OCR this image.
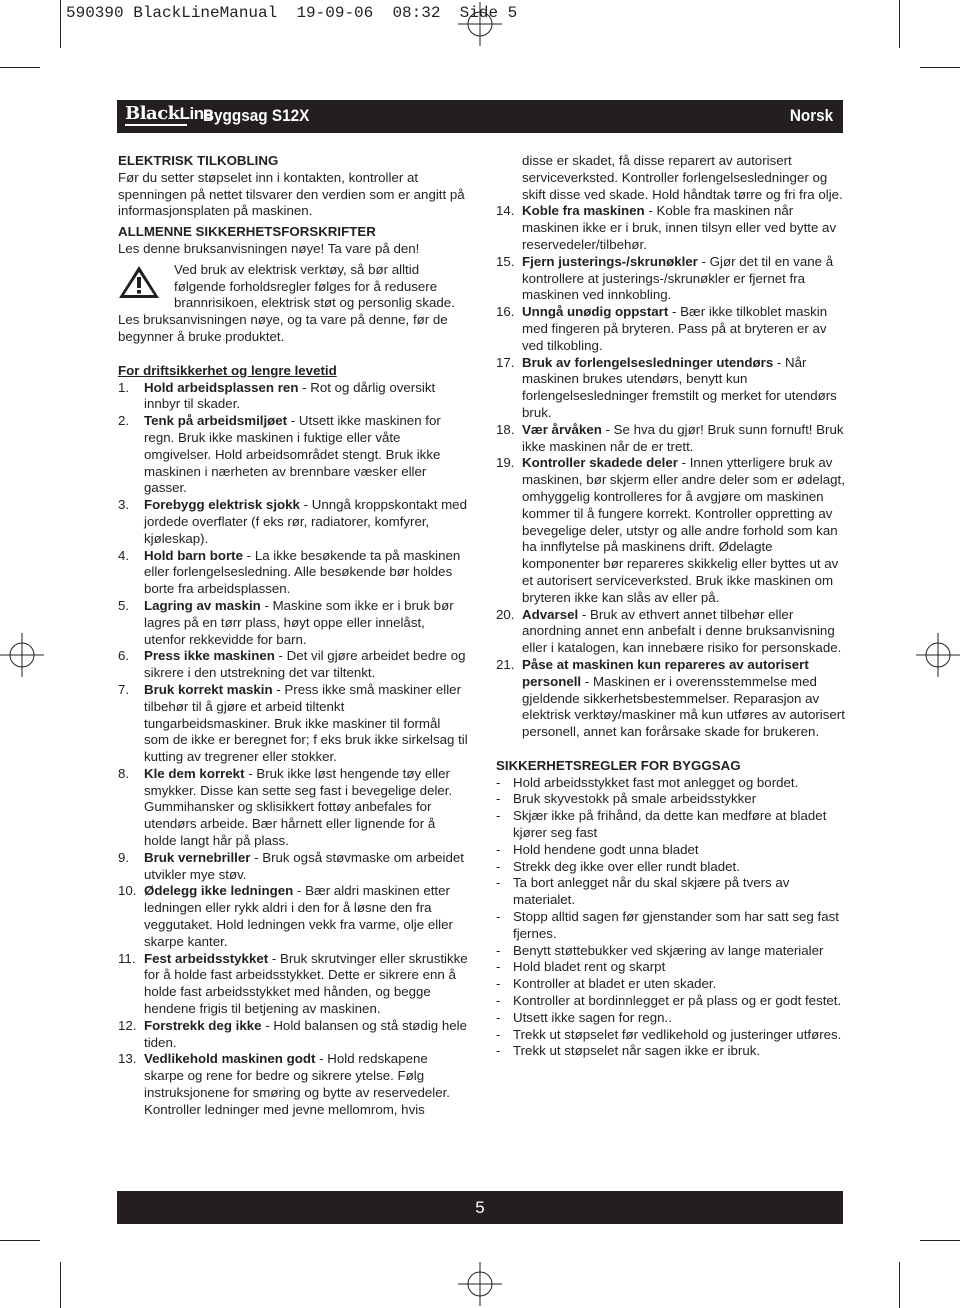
590390 BlackLineManual  19-09-06  08:32  Side 5
BlackLine
Byggsag S12X	Norsk

ELEKTRISK TILKOBLING

Før du setter støpselet inn i kontakten, kontroller at spenningen på nettet tilsvarer den verdien som er angitt på informasjonsplaten på maskinen.

ALLMENNE SIKKERHETSFORSKRIFTER

Les denne bruksanvisningen nøye! Ta vare på den!

Ved bruk av elektrisk verktøy, så bør alltid følgende forholdsregler følges for å redusere brannrisikoen, elektrisk støt og personlig skade.

Les bruksanvisningen nøye, og ta vare på denne, før de begynner å bruke produktet.

For driftsikkerhet og lengre levetid

1. Hold arbeidsplassen ren - Rot og dårlig oversikt innbyr til skader.
2. Tenk på arbeidsmiljøet - Utsett ikke maskinen for regn. Bruk ikke maskinen i fuktige eller våte omgivelser. Hold arbeidsområdet stengt. Bruk ikke maskinen i nærheten av brennbare væsker eller gasser.
3. Forebygg elektrisk sjokk - Unngå kroppskontakt med jordede overflater (f eks rør, radiatorer, komfyrer, kjøleskap).
4. Hold barn borte - La ikke besøkende ta på maskinen eller forlengelsesledning. Alle besøkende bør holdes borte fra arbeidsplassen.
5. Lagring av maskin - Maskine som ikke er i bruk bør lagres på en tørr plass, høyt oppe eller innelåst, utenfor rekkevidde for barn.
6. Press ikke maskinen - Det vil gjøre arbeidet bedre og sikrere i den utstrekning det var tiltenkt.
7. Bruk korrekt maskin - Press ikke små maskiner eller tilbehør til å gjøre et arbeid tiltenkt tungarbeidsmaskiner. Bruk ikke maskiner til formål som de ikke er beregnet for; f eks bruk ikke sirkelsag til kutting av tregrener eller stokker.
8. Kle dem korrekt - Bruk ikke løst hengende tøy eller smykker. Disse kan sette seg fast i bevegelige deler. Gummihansker og sklisikkert fottøy anbefales for utendørs arbeide. Bær hårnett eller lignende for å holde langt hår på plass.
9. Bruk vernebriller - Bruk også støvmaske om arbeidet utvikler mye støv.
10. Ødelegg ikke ledningen - Bær aldri maskinen etter ledningen eller rykk aldri i den for å løsne den fra veggutaket. Hold ledningen vekk fra varme, olje eller skarpe kanter.
11. Fest arbeidsstykket - Bruk skrutvinger eller skrustikke for å holde fast arbeidsstykket. Dette er sikrere enn å holde fast arbeidsstykket med hånden, og begge hendene frigis til betjening av maskinen.
12. Forstrekk deg ikke - Hold balansen og stå stødig hele tiden.
13. Vedlikehold maskinen godt - Hold redskapene skarpe og rene for bedre og sikrere ytelse. Følg instruksjonene for smøring og bytte av reservedeler. Kontroller ledninger med jevne mellomrom, hvis

disse er skadet, få disse reparert av autorisert serviceverksted. Kontroller forlengelsesledninger og skift disse ved skade. Hold håndtak tørre og fri fra olje.

14. Koble fra maskinen - Koble fra maskinen når maskinen ikke er i bruk, innen tilsyn eller ved bytte av reservedeler/tilbehør.
15. Fjern justerings-/skrunøkler - Gjør det til en vane å kontrollere at justerings-/skrunøkler er fjernet fra maskinen ved innkobling.
16. Unngå unødig oppstart - Bær ikke tilkoblet maskin med fingeren på bryteren. Pass på at bryteren er av ved tilkobling.
17. Bruk av forlengelsesledninger utendørs - Når maskinen brukes utendørs, benytt kun forlengelsesledninger fremstilt og merket for utendørs bruk.
18. Vær årvåken - Se hva du gjør! Bruk sunn fornuft! Bruk ikke maskinen når de er trett.
19. Kontroller skadede deler - Innen ytterligere bruk av maskinen, bør skjerm eller andre deler som er ødelagt, omhyggelig kontrolleres for å avgjøre om maskinen kommer til å fungere korrekt. Kontroller oppretting av bevegelige deler, utstyr og alle andre forhold som kan ha innflytelse på maskinens drift. Ødelagte komponenter bør repareres skikkelig eller byttes ut av et autorisert serviceverksted. Bruk ikke maskinen om bryteren ikke kan slås av eller på.
20. Advarsel - Bruk av ethvert annet tilbehør eller anordning annet enn anbefalt i denne bruksanvisning eller i katalogen, kan innebære risiko for personskade.
21. Påse at maskinen kun repareres av autorisert personell - Maskinen er i overensstemmelse med gjeldende sikkerhetsbestemmelser. Reparasjon av elektrisk verktøy/maskiner må kun utføres av autorisert personell, annet kan forårsake skade for brukeren.

SIKKERHETSREGLER FOR BYGGSAG

- Hold arbeidsstykket fast mot anlegget og bordet.
- Bruk skyvestokk på smale arbeidsstykker
- Skjær ikke på frihånd, da dette kan medføre at bladet kjører seg fast
- Hold hendene godt unna bladet
- Strekk deg ikke over eller rundt bladet.
- Ta bort anlegget når du skal skjære på tvers av materialet.
- Stopp alltid sagen før gjenstander som har satt seg fast fjernes.
- Benytt støttebukker ved skjæring av lange materialer
- Hold bladet rent og skarpt
- Kontroller at bladet er uten skader.
- Kontroller at bordinnlegget er på plass og er godt festet.
- Utsett ikke sagen for regn..
- Trekk ut støpselet før vedlikehold og justeringer utføres.
- Trekk ut støpselet når sagen ikke er ibruk.
5
